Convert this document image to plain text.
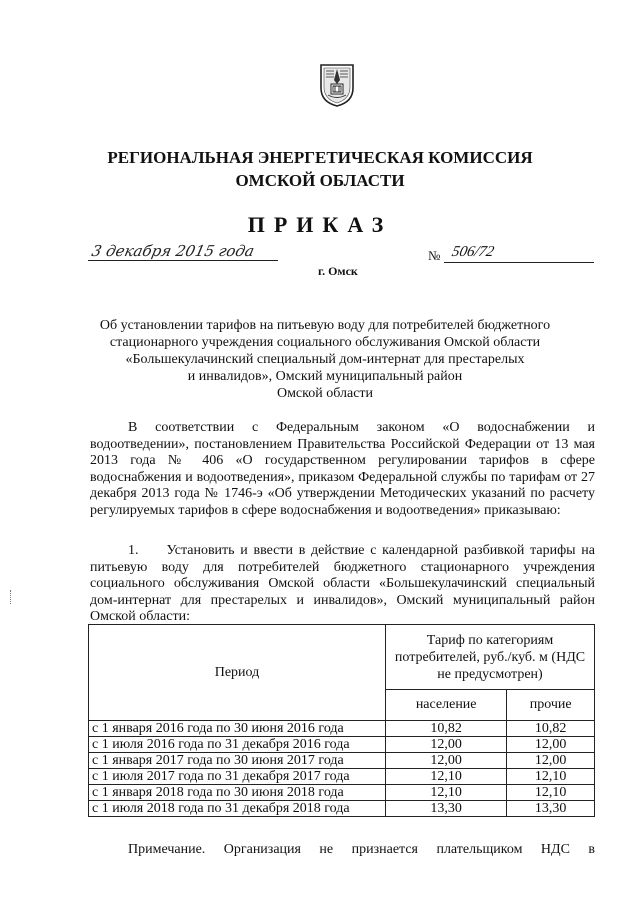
РЕГИОНАЛЬНАЯ ЭНЕРГЕТИЧЕСКАЯ КОМИССИЯ
ОМСКОЙ ОБЛАСТИ
ПРИКАЗ
3 декабря 2015 года	№ 506/72
г. Омск
Об установлении тарифов на питьевую воду для потребителей бюджетного
стационарного учреждения социального обслуживания Омской области
«Большекулачинский специальный дом-интернат для престарелых
и инвалидов», Омский муниципальный район
Омской области
В соответствии с Федеральным законом «О водоснабжении и водоотведении», постановлением Правительства Российской Федерации от 13 мая 2013 года № 406 «О государственном регулировании тарифов в сфере водоснабжения и водоотведения», приказом Федеральной службы по тарифам от 27 декабря 2013 года № 1746-э «Об утверждении Методических указаний по расчету регулируемых тарифов в сфере водоснабжения и водоотведения» приказываю:
1.  Установить и ввести в действие с календарной разбивкой тарифы на питьевую воду для потребителей бюджетного стационарного учреждения социального обслуживания Омской области «Большекулачинский специальный дом-интернат для престарелых и инвалидов», Омский муниципальный район Омской области:
Период	Тариф по категориям потребителей, руб./куб. м (НДС не предусмотрен)	
	население	прочие
с 1 января 2016 года по 30 июня 2016 года	10,82	10,82
с 1 июля 2016 года по 31 декабря 2016 года	12,00	12,00
с 1 января 2017 года по 30 июня 2017 года	12,00	12,00
с 1 июля 2017 года по 31 декабря 2017 года	12,10	12,10
с 1 января 2018 года по 30 июня 2018 года	12,10	12,10
с 1 июля 2018 года по 31 декабря 2018 года	13,30	13,30
Примечание. Организация не признается плательщиком НДС в
